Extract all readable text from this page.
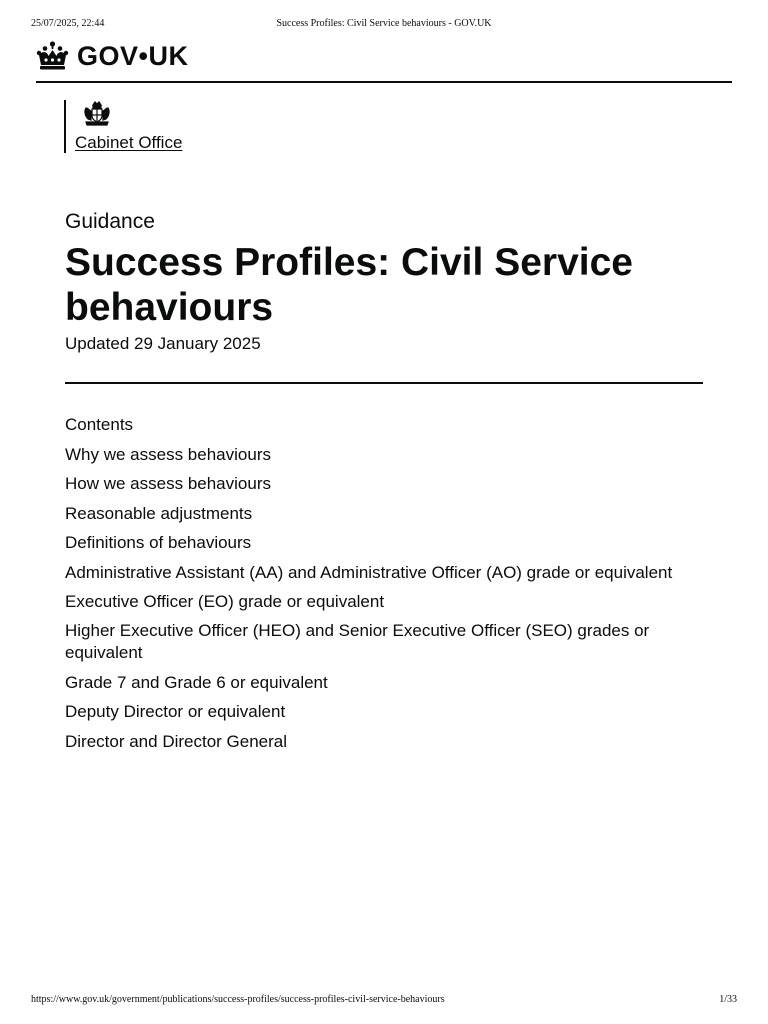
25/07/2025, 22:44	Success Profiles: Civil Service behaviours - GOV.UK
GOV•UK
Cabinet Office
Guidance
Success Profiles: Civil Service behaviours
Updated 29 January 2025
Contents
Why we assess behaviours
How we assess behaviours
Reasonable adjustments
Definitions of behaviours
Administrative Assistant (AA) and Administrative Officer (AO) grade or equivalent
Executive Officer (EO) grade or equivalent
Higher Executive Officer (HEO) and Senior Executive Officer (SEO) grades or equivalent
Grade 7 and Grade 6 or equivalent
Deputy Director or equivalent
Director and Director General
https://www.gov.uk/government/publications/success-profiles/success-profiles-civil-service-behaviours	1/33
